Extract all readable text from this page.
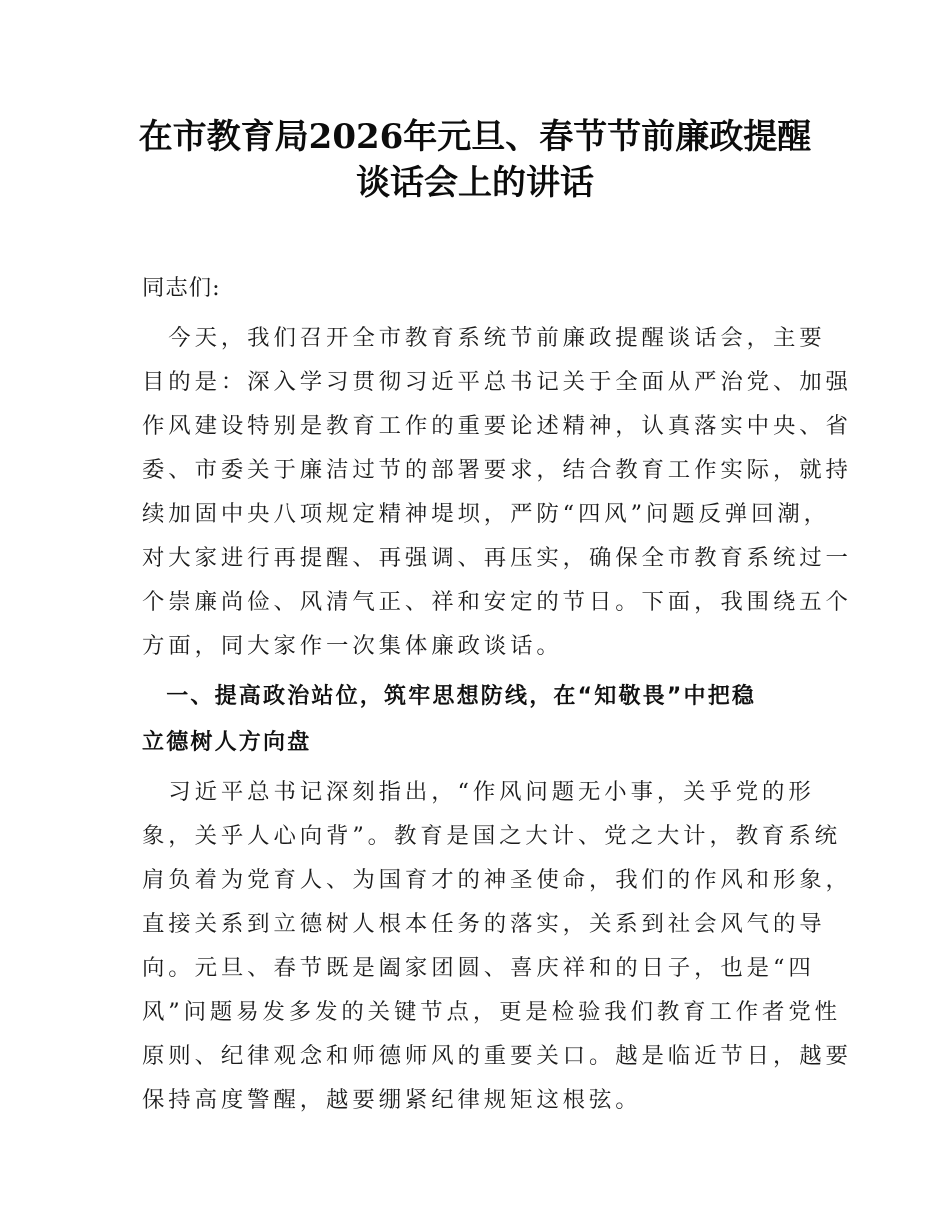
在市教育局2026年元旦、春节节前廉政提醒
谈话会上的讲话
同志们:
　今天，我们召开全市教育系统节前廉政提醒谈话会，主要
目的是：深入学习贯彻习近平总书记关于全面从严治党、加强
作风建设特别是教育工作的重要论述精神，认真落实中央、省
委、市委关于廉洁过节的部署要求，结合教育工作实际，就持
续加固中央八项规定精神堤坝，严防“四风”问题反弹回潮，
对大家进行再提醒、再强调、再压实，确保全市教育系统过一
个崇廉尚俭、风清气正、祥和安定的节日。下面，我围绕五个
方面，同大家作一次集体廉政谈话。
　一、提高政治站位，筑牢思想防线，在“知敬畏”中把稳
立德树人方向盘
　习近平总书记深刻指出，“作风问题无小事，关乎党的形
象，关乎人心向背”。教育是国之大计、党之大计，教育系统
肩负着为党育人、为国育才的神圣使命，我们的作风和形象，
直接关系到立德树人根本任务的落实，关系到社会风气的导
向。元旦、春节既是阖家团圆、喜庆祥和的日子，也是“四
风”问题易发多发的关键节点，更是检验我们教育工作者党性
原则、纪律观念和师德师风的重要关口。越是临近节日，越要
保持高度警醒，越要绷紧纪律规矩这根弦。
